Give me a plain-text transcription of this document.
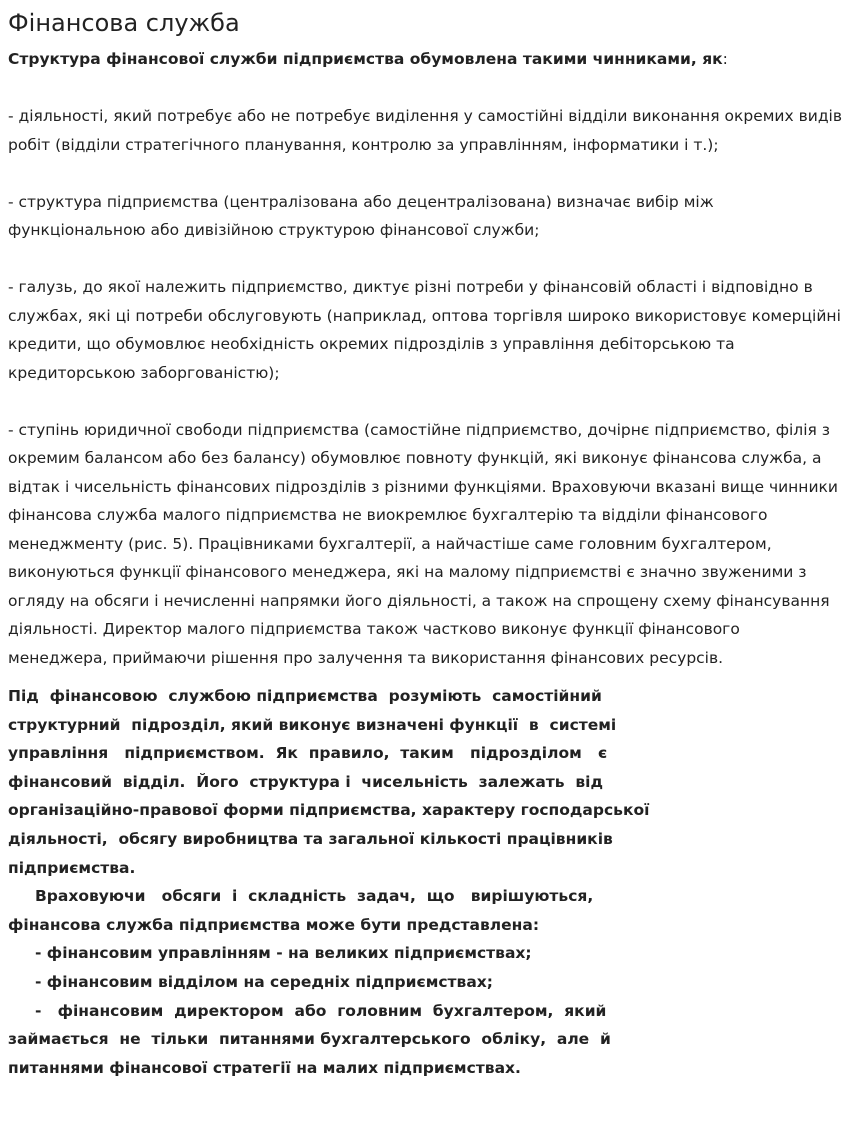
Фінансова служба

Структура фінансової служби підприємства обумовлена такими чинниками, як:

- діяльності, який потребує або не потребує виділення у самостійні відділи виконання окремих видів робіт (відділи стратегічного планування, контролю за управлінням, інформатики і т.);

- структура підприємства (централізована або децентралізована) визначає вибір між функціональною або дивізійною структурою фінансової служби;

- галузь, до якої належить підприємство, диктує різні потреби у фінансовій області і відповідно в службах, які ці потреби обслуговують (наприклад, оптова торгівля широко використовує комерційні кредити, що обумовлює необхідність окремих підрозділів з управління дебіторською та кредиторською заборгованістю);

- ступінь юридичної свободи підприємства (самостійне підприємство, дочірнє підприємство, філія з окремим балансом або без балансу) обумовлює повноту функцій, які виконує фінансова служба, а відтак і чисельність фінансових підрозділів з різними функціями. Враховуючи вказані вище чинники фінансова служба малого підприємства не виокремлює бухгалтерію та відділи фінансового менеджменту (рис. 5). Працівниками бухгалтерії, а найчастіше саме головним бухгалтером, виконуються функції фінансового менеджера, які на малому підприємстві є значно звуженими з огляду на обсяги і нечисленні напрямки його діяльності, а також на спрощену схему фінансування діяльності. Директор малого підприємства також частково виконує функції фінансового менеджера, приймаючи рішення про залучення та використання фінансових ресурсів.

Під  фінансовою  службою підприємства  розуміють  самостійний
структурний  підрозділ, який виконує визначені функції  в  системі
управління   підприємством.  Як  правило,  таким   підрозділом   є
фінансовий  відділ.  Його  структура і  чисельність  залежать  від
організаційно-правової форми підприємства, характеру господарської
діяльності,  обсягу виробництва та загальної кількості працівників
підприємства.
Враховуючи   обсяги  і  складність  задач,  що   вирішуються,
фінансова служба підприємства може бути представлена:
- фінансовим управлінням - на великих підприємствах;
- фінансовим відділом на середніх підприємствах;
-   фінансовим  директором  або  головним  бухгалтером,  який
займається  не  тільки  питаннями бухгалтерського  обліку,  але  й
питаннями фінансової стратегії на малих підприємствах.
